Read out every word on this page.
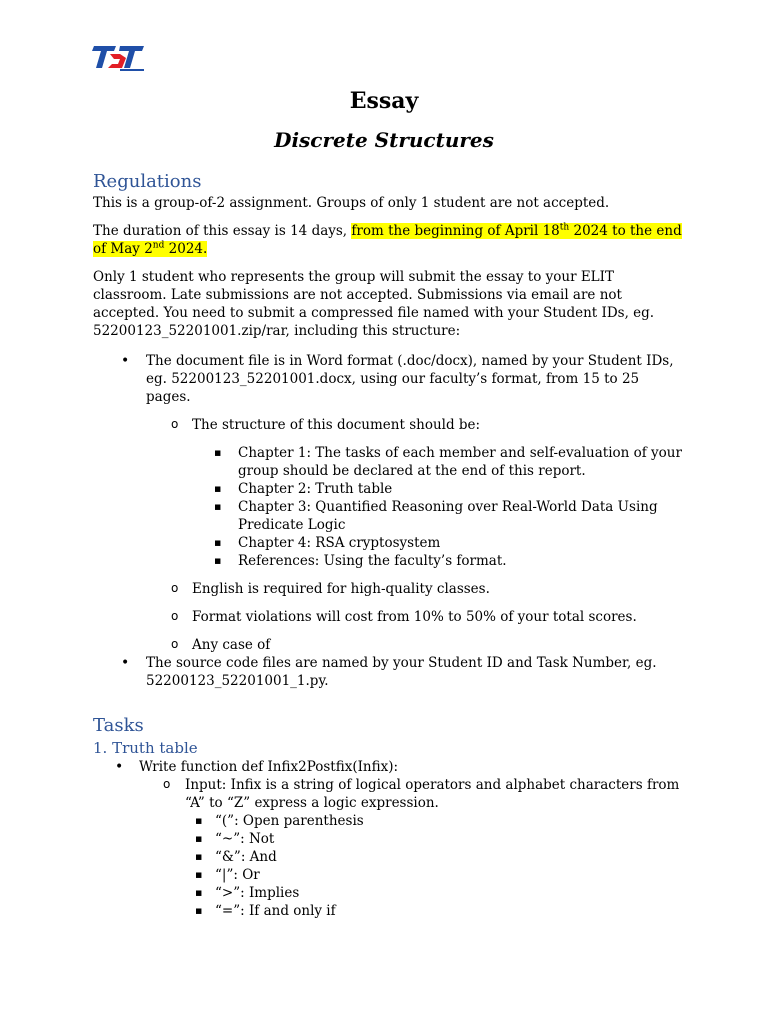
Essay
Discrete Structures
Regulations

This is a group-of-2 assignment. Groups of only 1 student are not accepted.

The duration of this essay is 14 days, from the beginning of April 18th 2024 to the end of May 2nd 2024.

Only 1 student who represents the group will submit the essay to your ELIT classroom. Late submissions are not accepted. Submissions via email are not accepted. You need to submit a compressed file named with your Student IDs, eg. 52200123_52201001.zip/rar, including this structure:

• The document file is in Word format (.doc/docx), named by your Student IDs, eg. 52200123_52201001.docx, using our faculty’s format, from 15 to 25 pages.
o The structure of this document should be:
▪ Chapter 1: The tasks of each member and self-evaluation of your group should be declared at the end of this report.
▪ Chapter 2: Truth table
▪ Chapter 3: Quantified Reasoning over Real-World Data Using Predicate Logic
▪ Chapter 4: RSA cryptosystem
▪ References: Using the faculty’s format.
o English is required for high-quality classes.
o Format violations will cost from 10% to 50% of your total scores.
o Any case of
• The source code files are named by your Student ID and Task Number, eg. 52200123_52201001_1.py.
Tasks
1. Truth table
• Write function def Infix2Postfix(Infix):
o Input: Infix is a string of logical operators and alphabet characters from “A” to “Z” express a logic expression.
▪ “(”: Open parenthesis
▪ “~”: Not
▪ “&”: And
▪ “|”: Or
▪ “>”: Implies
▪ “=”: If and only if
